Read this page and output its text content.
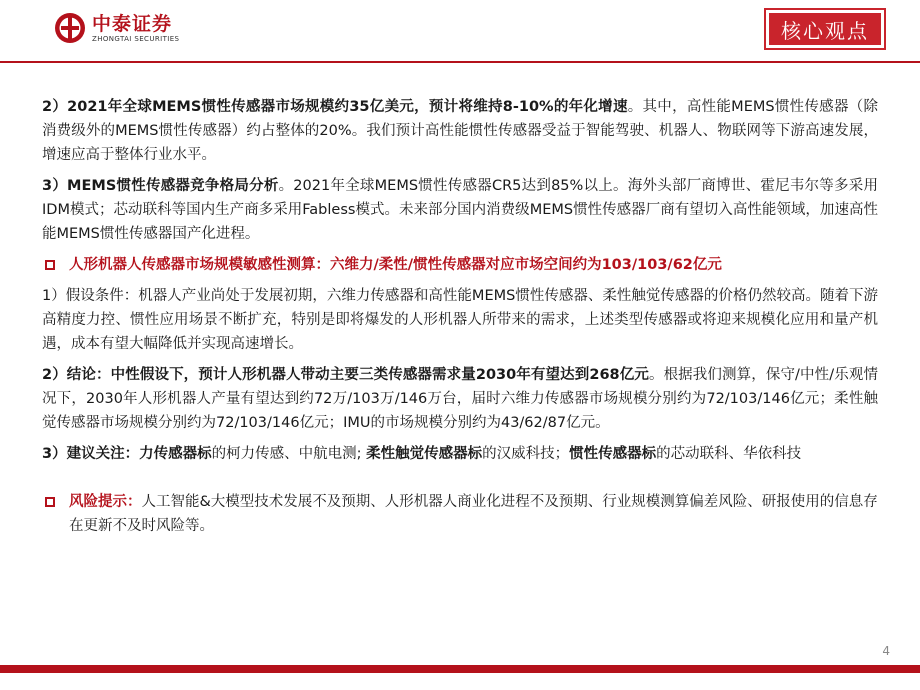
中泰证券
ZHONGTAI SECURITIES	核心观点

2）2021年全球MEMS惯性传感器市场规模约35亿美元，预计将维持8-10%的年化增速。其中，高性能MEMS惯性传感器（除消费级外的MEMS惯性传感器）约占整体的20%。我们预计高性能惯性传感器受益于智能驾驶、机器人、物联网等下游高速发展，增速应高于整体行业水平。

3）MEMS惯性传感器竞争格局分析。2021年全球MEMS惯性传感器CR5达到85%以上。海外头部厂商博世、霍尼韦尔等多采用IDM模式；芯动联科等国内生产商多采用Fabless模式。未来部分国内消费级MEMS惯性传感器厂商有望切入高性能领域，加速高性能MEMS惯性传感器国产化进程。

人形机器人传感器市场规模敏感性测算：六维力/柔性/惯性传感器对应市场空间约为103/103/62亿元

1）假设条件：机器人产业尚处于发展初期，六维力传感器和高性能MEMS惯性传感器、柔性触觉传感器的价格仍然较高。随着下游高精度力控、惯性应用场景不断扩充，特别是即将爆发的人形机器人所带来的需求，上述类型传感器或将迎来规模化应用和量产机遇，成本有望大幅降低并实现高速增长。

2）结论：中性假设下，预计人形机器人带动主要三类传感器需求量2030年有望达到268亿元。根据我们测算，保守/中性/乐观情况下，2030年人形机器人产量有望达到约72万/103万/146万台，届时六维力传感器市场规模分别约为72/103/146亿元；柔性触觉传感器市场规模分别约为72/103/146亿元；IMU的市场规模分别约为43/62/87亿元。

3）建议关注：力传感器标的柯力传感、中航电测; 柔性触觉传感器标的汉威科技；惯性传感器标的芯动联科、华依科技

风险提示：人工智能&大模型技术发展不及预期、人形机器人商业化进程不及预期、行业规模测算偏差风险、研报使用的信息存在更新不及时风险等。
4
